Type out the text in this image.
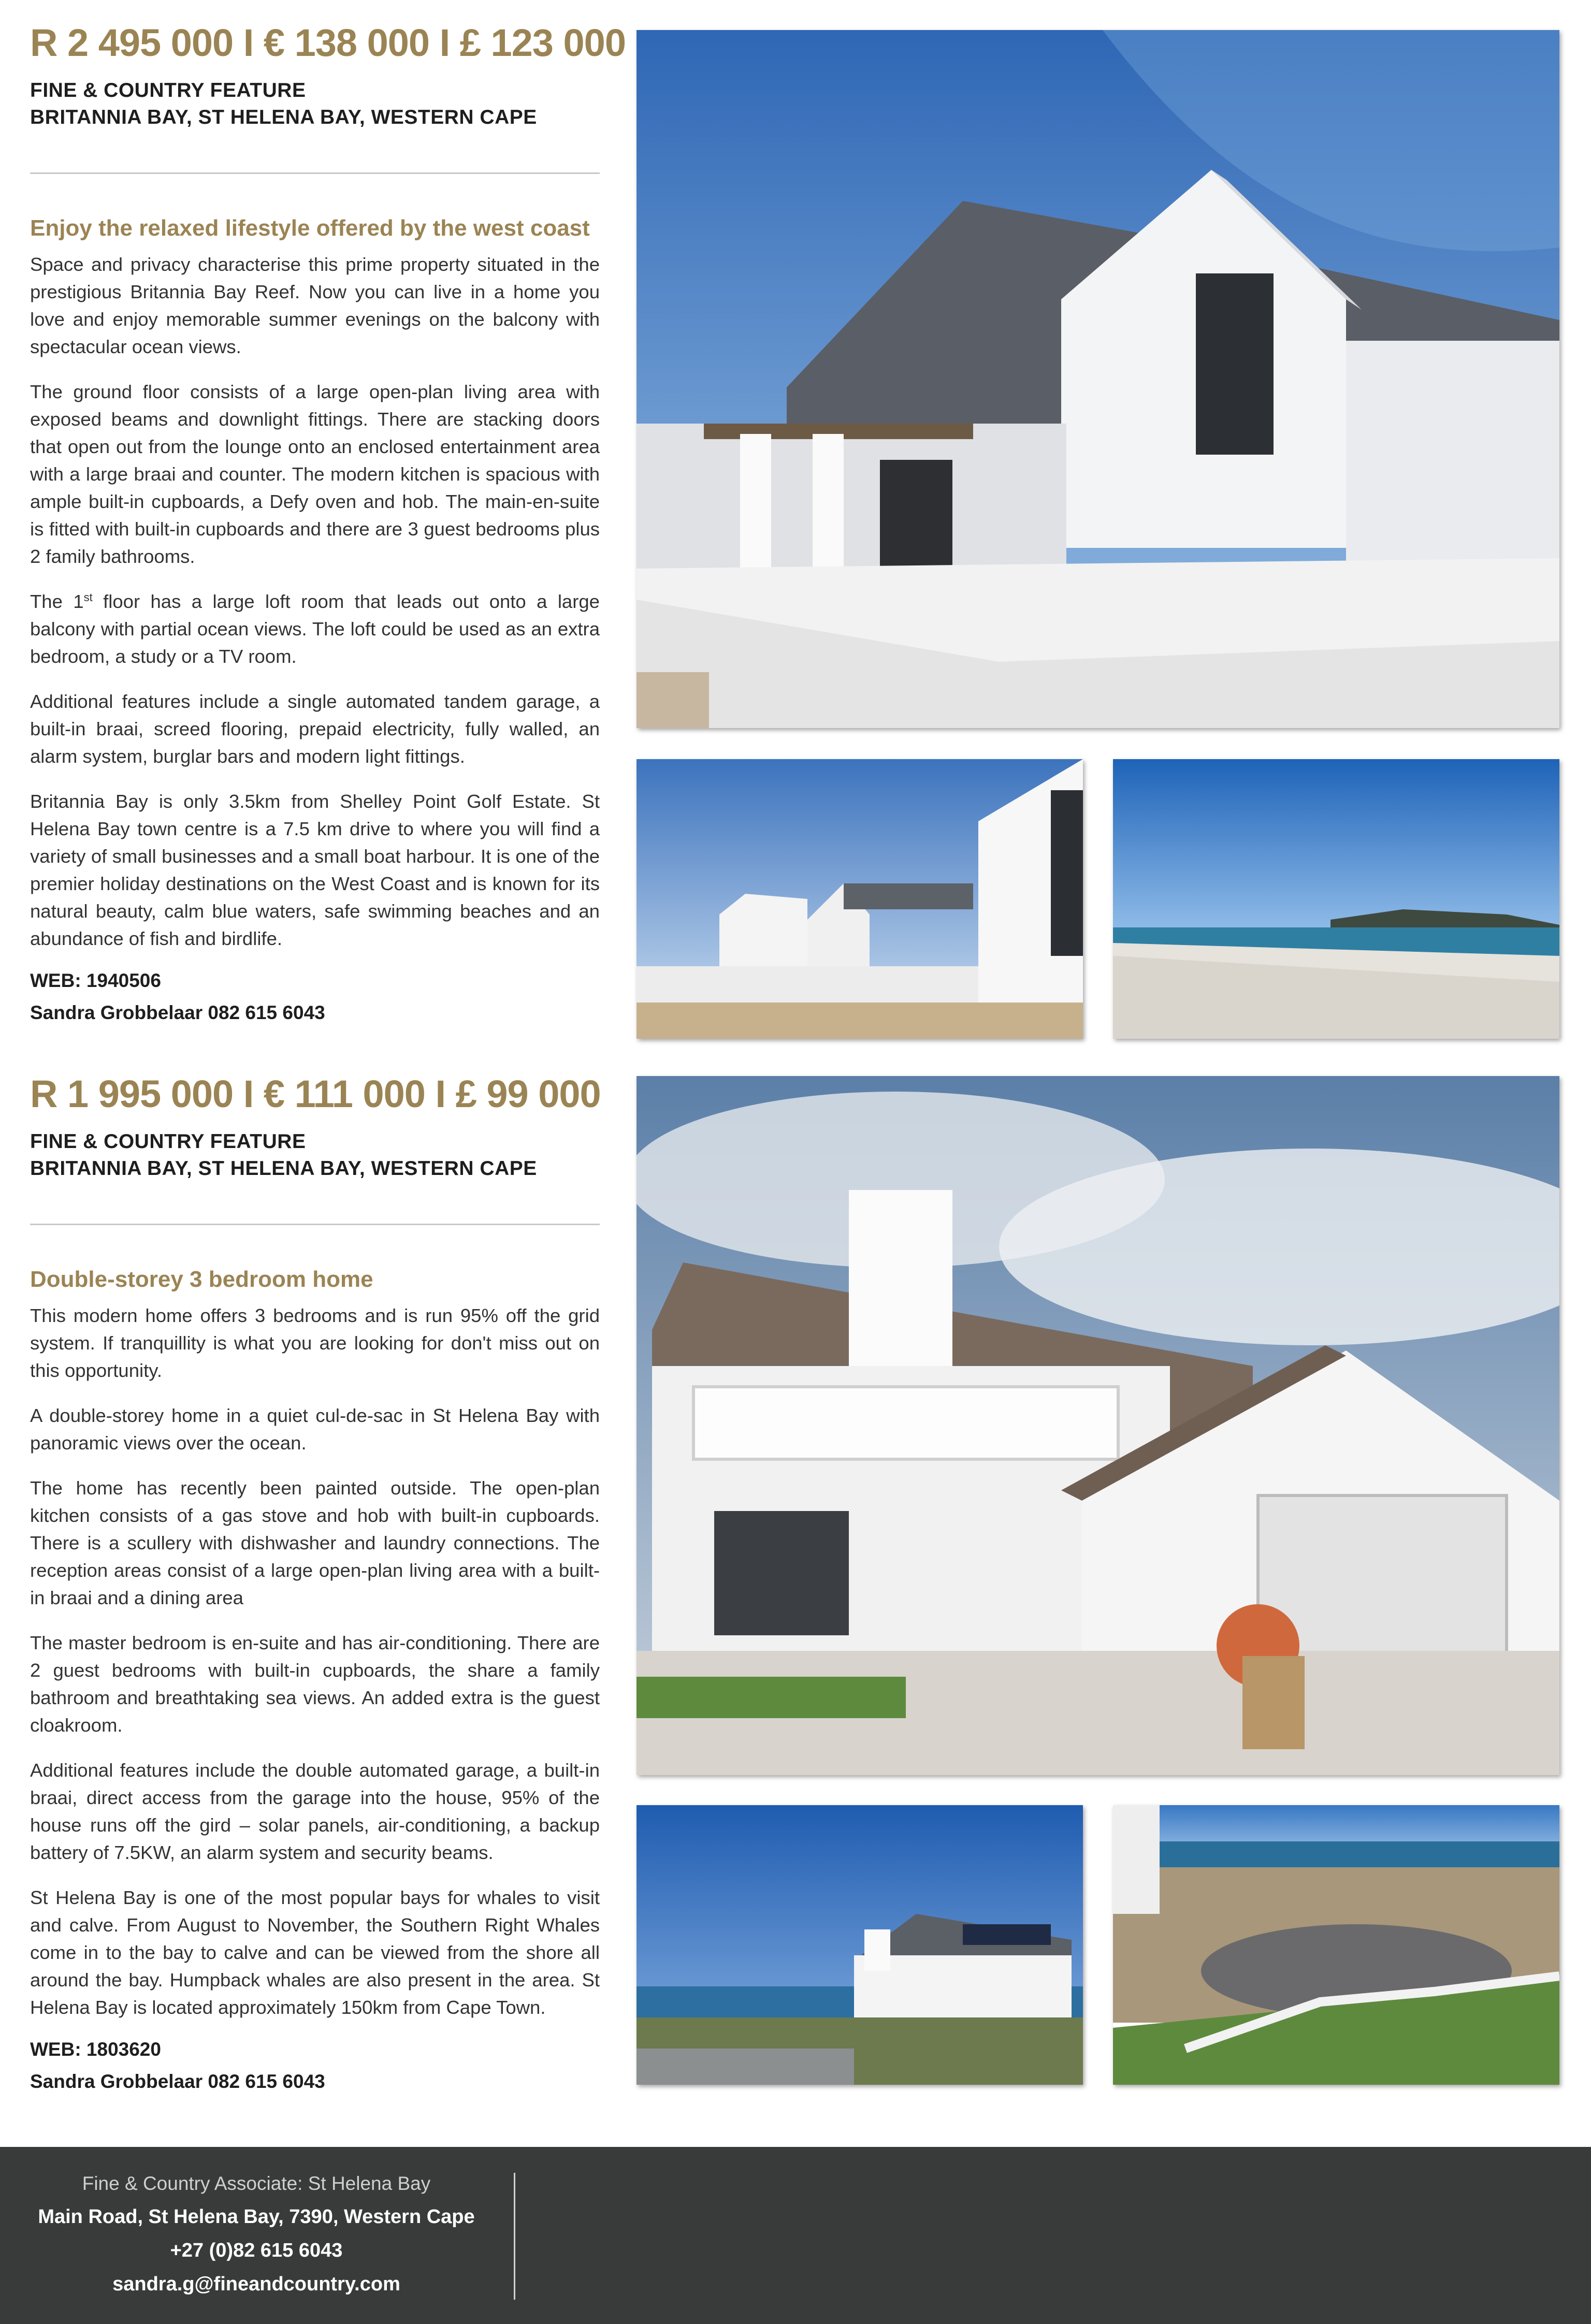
R 2 495 000 I € 138 000 I £ 123 000

FINE & COUNTRY FEATURE

BRITANNIA BAY, ST HELENA BAY, WESTERN CAPE

Enjoy the relaxed lifestyle offered by the west coast

Space and privacy characterise this prime property situated in the prestigious Britannia Bay Reef. Now you can live in a home you love and enjoy memorable summer evenings on the balcony with spectacular ocean views.

The ground floor consists of a large open-plan living area with exposed beams and downlight fittings. There are stacking doors that open out from the lounge onto an enclosed entertainment area with a large braai and counter. The modern kitchen is spacious with ample built-in cupboards, a Defy oven and hob. The main-en-suite is fitted with built-in cupboards and there are 3 guest bedrooms plus 2 family bathrooms.

The 1st floor has a large loft room that leads out onto a large balcony with partial ocean views. The loft could be used as an extra bedroom, a study or a TV room.

Additional features include a single automated tandem garage, a built-in braai, screed flooring, prepaid electricity, fully walled, an alarm system, burglar bars and modern light fittings.

Britannia Bay is only 3.5km from Shelley Point Golf Estate. St Helena Bay town centre is a 7.5 km drive to where you will find a variety of small businesses and a small boat harbour. It is one of the premier holiday destinations on the West Coast and is known for its natural beauty, calm blue waters, safe swimming beaches and an abundance of fish and birdlife.

WEB: 1940506

Sandra Grobbelaar 082 615 6043

R 1 995 000 I € 111 000 I £ 99 000

FINE & COUNTRY FEATURE

BRITANNIA BAY, ST HELENA BAY, WESTERN CAPE

Double-storey 3 bedroom home

This modern home offers 3 bedrooms and is run 95% off the grid system. If tranquillity is what you are looking for don't miss out on this opportunity.

A double-storey home in a quiet cul-de-sac in St Helena Bay with panoramic views over the ocean.

The home has recently been painted outside. The open-plan kitchen consists of a gas stove and hob with built-in cupboards. There is a scullery with dishwasher and laundry connections. The reception areas consist of a large open-plan living area with a built-in braai and a dining area

The master bedroom is en-suite and has air-conditioning. There are 2 guest bedrooms with built-in cupboards, the share a family bathroom and breathtaking sea views. An added extra is the guest cloakroom.

Additional features include the double automated garage, a built-in braai, direct access from the garage into the house, 95% of the house runs off the gird – solar panels, air-conditioning, a backup battery of 7.5KW, an alarm system and security beams.

St Helena Bay is one of the most popular bays for whales to visit and calve. From August to November, the Southern Right Whales come in to the bay to calve and can be viewed from the shore all around the bay. Humpback whales are also present in the area. St Helena Bay is located approximately 150km from Cape Town.

WEB: 1803620

Sandra Grobbelaar 082 615 6043

Fine & Country Associate: St Helena Bay

Main Road, St Helena Bay, 7390, Western Cape

+27 (0)82 615 6043

sandra.g@fineandcountry.com
